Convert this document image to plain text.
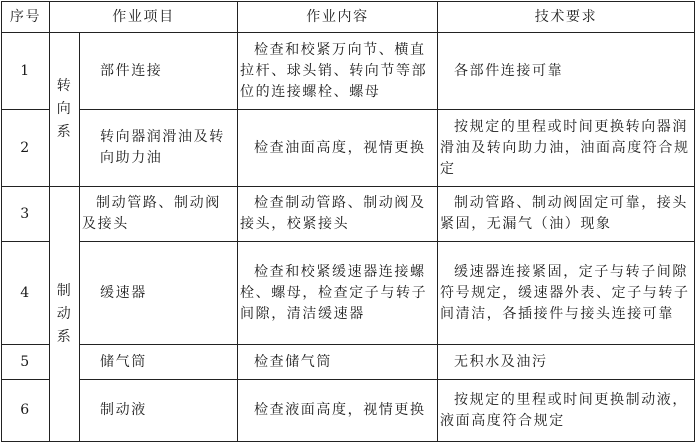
序号	作业项目		作业内容	技术要求
1	转向系	部件连接	检查和校紧万向节、横直拉杆、球头销、转向节等部位的连接螺栓、螺母	各部件连接可靠
2		转向器润滑油及转向助力油	检查油面高度，视情更换	按规定的里程或时间更换转向器润滑油及转向助力油，油面高度符合规定
3	制动系	制动管路、制动阀及接头	检查制动管路、制动阀及接头，校紧接头	制动管路、制动阀固定可靠，接头紧固，无漏气（油）现象
4		缓速器	检查和校紧缓速器连接螺栓、螺母，检查定子与转子间隙，清洁缓速器	缓速器连接紧固，定子与转子间隙符号规定，缓速器外表、定子与转子间清洁，各插接件与接头连接可靠
5		储气筒	检查储气筒	无积水及油污
6		制动液	检查液面高度，视情更换	按规定的里程或时间更换制动液，液面高度符合规定
